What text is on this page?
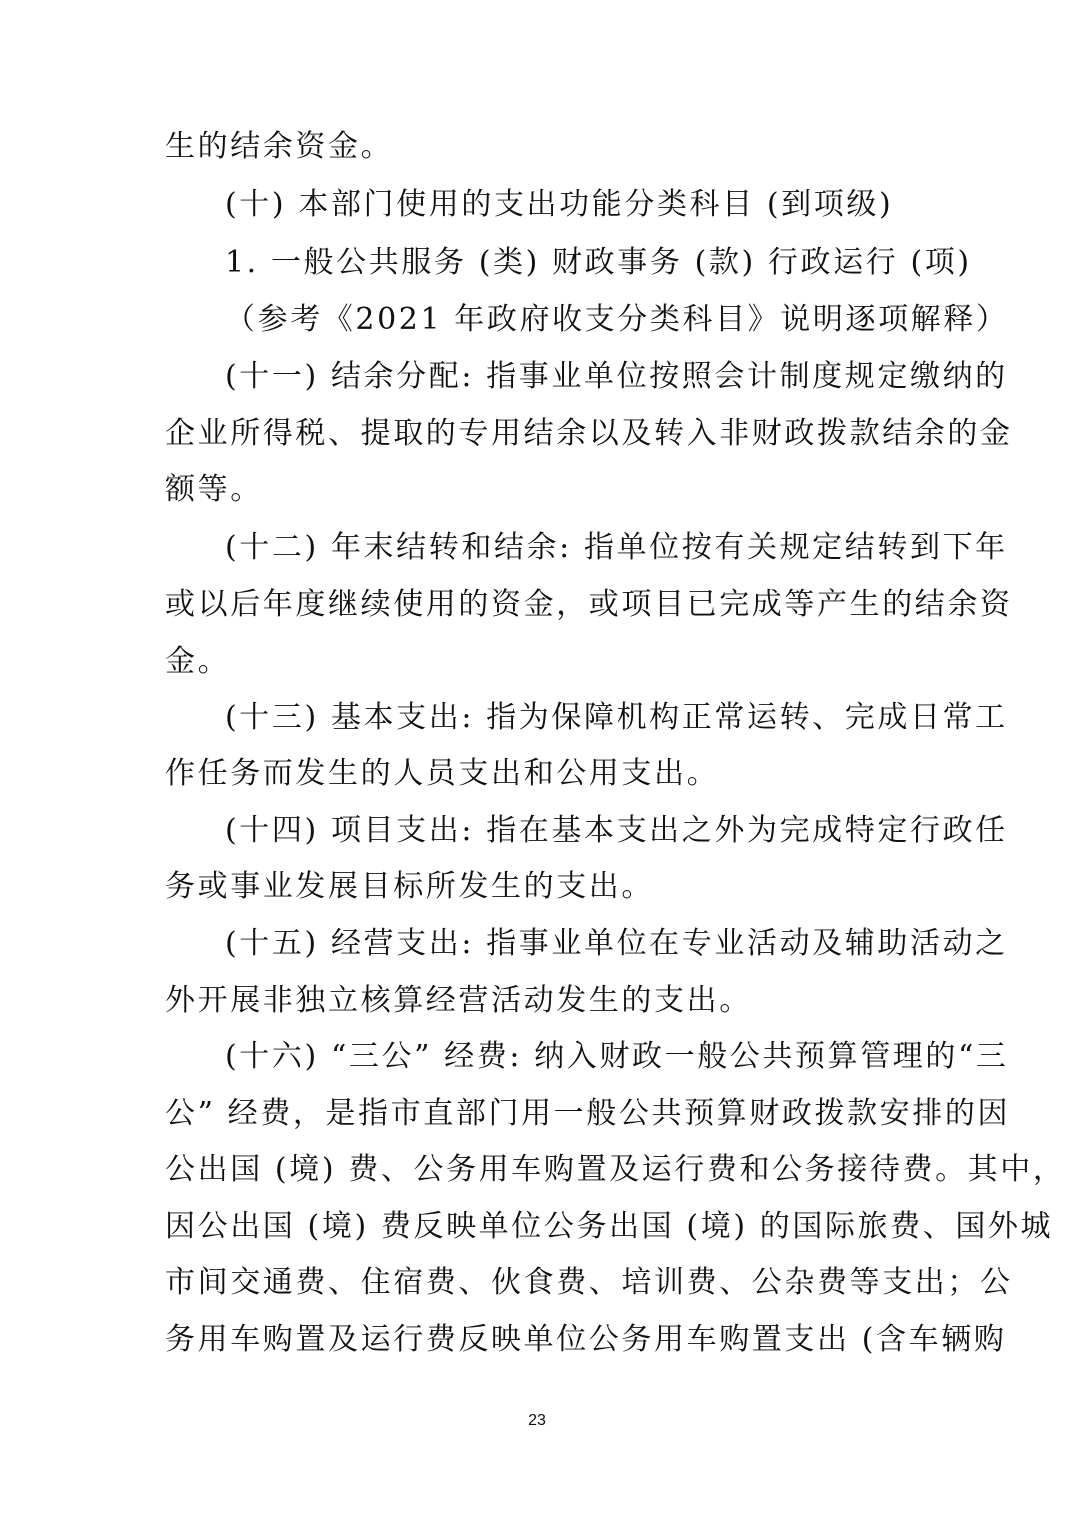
生的结余资金。
(十) 本部门使用的支出功能分类科目 (到项级)
1. 一般公共服务 (类) 财政事务 (款) 行政运行 (项)
（参考《2021 年政府收支分类科目》说明逐项解释）
(十一) 结余分配: 指事业单位按照会计制度规定缴纳的
企业所得税、提取的专用结余以及转入非财政拨款结余的金
额等。
(十二) 年末结转和结余: 指单位按有关规定结转到下年
或以后年度继续使用的资金，或项目已完成等产生的结余资
金。
(十三) 基本支出: 指为保障机构正常运转、完成日常工
作任务而发生的人员支出和公用支出。
(十四) 项目支出: 指在基本支出之外为完成特定行政任
务或事业发展目标所发生的支出。
(十五) 经营支出: 指事业单位在专业活动及辅助活动之
外开展非独立核算经营活动发生的支出。
(十六) “三公” 经费: 纳入财政一般公共预算管理的“三
公” 经费，是指市直部门用一般公共预算财政拨款安排的因
公出国 (境) 费、公务用车购置及运行费和公务接待费。其中，
因公出国 (境) 费反映单位公务出国 (境) 的国际旅费、国外城
市间交通费、住宿费、伙食费、培训费、公杂费等支出；公
务用车购置及运行费反映单位公务用车购置支出 (含车辆购
23
